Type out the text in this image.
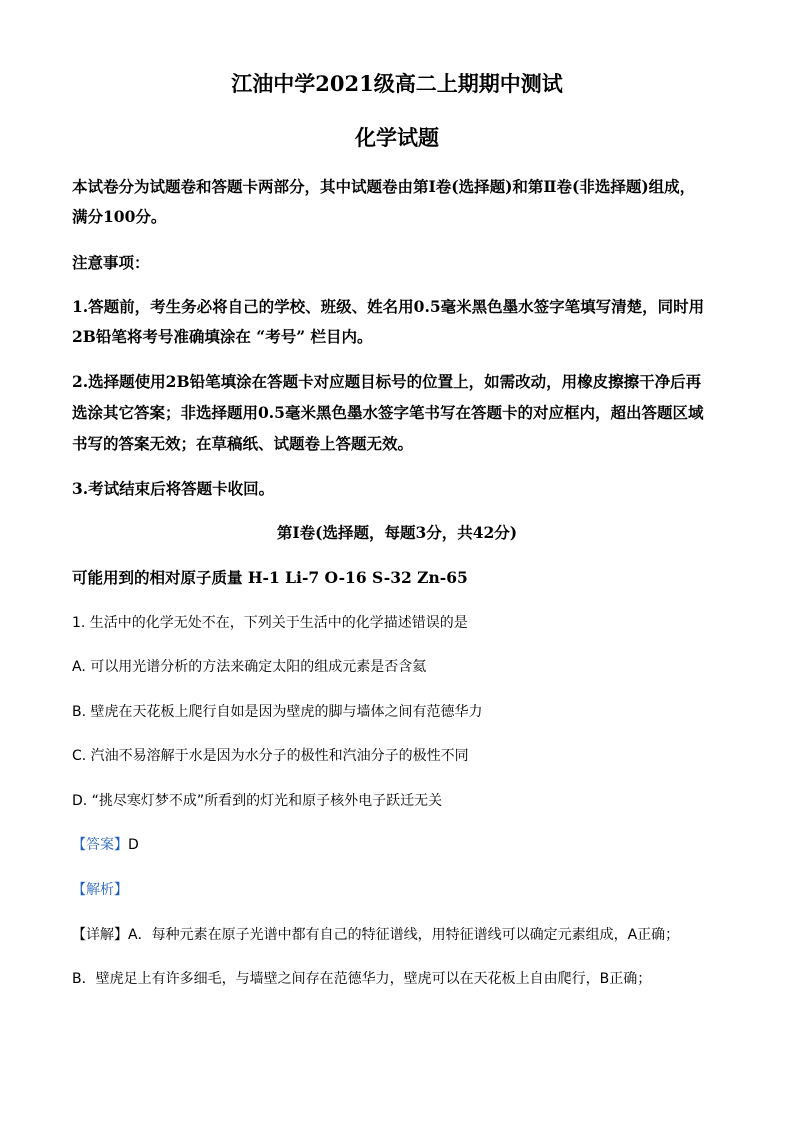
江油中学2021级高二上期期中测试
化学试题
本试卷分为试题卷和答题卡两部分，其中试题卷由第Ⅰ卷(选择题)和第Ⅱ卷(非选择题)组成，
满分100分。
注意事项：
1.答题前，考生务必将自己的学校、班级、姓名用0.5毫米黑色墨水签字笔填写清楚，同时用
2B铅笔将考号准确填涂在 “考号” 栏目内。
2.选择题使用2B铅笔填涂在答题卡对应题目标号的位置上，如需改动，用橡皮擦擦干净后再
选涂其它答案；非选择题用0.5毫米黑色墨水签字笔书写在答题卡的对应框内，超出答题区域
书写的答案无效；在草稿纸、试题卷上答题无效。
3.考试结束后将答题卡收回。
第Ⅰ卷(选择题，每题3分，共42分)
可能用到的相对原子质量 H-1 Li-7 O-16 S-32 Zn-65
1. 生活中的化学无处不在，下列关于生活中的化学描述错误的是
A. 可以用光谱分析的方法来确定太阳的组成元素是否含氦
B. 壁虎在天花板上爬行自如是因为壁虎的脚与墙体之间有范德华力
C. 汽油不易溶解于水是因为水分子的极性和汽油分子的极性不同
D. “挑尽寒灯梦不成”所看到的灯光和原子核外电子跃迁无关
【答案】D
【解析】
【详解】A．每种元素在原子光谱中都有自己的特征谱线，用特征谱线可以确定元素组成，A正确；
B．壁虎足上有许多细毛，与墙壁之间存在范德华力，壁虎可以在天花板上自由爬行，B正确；
